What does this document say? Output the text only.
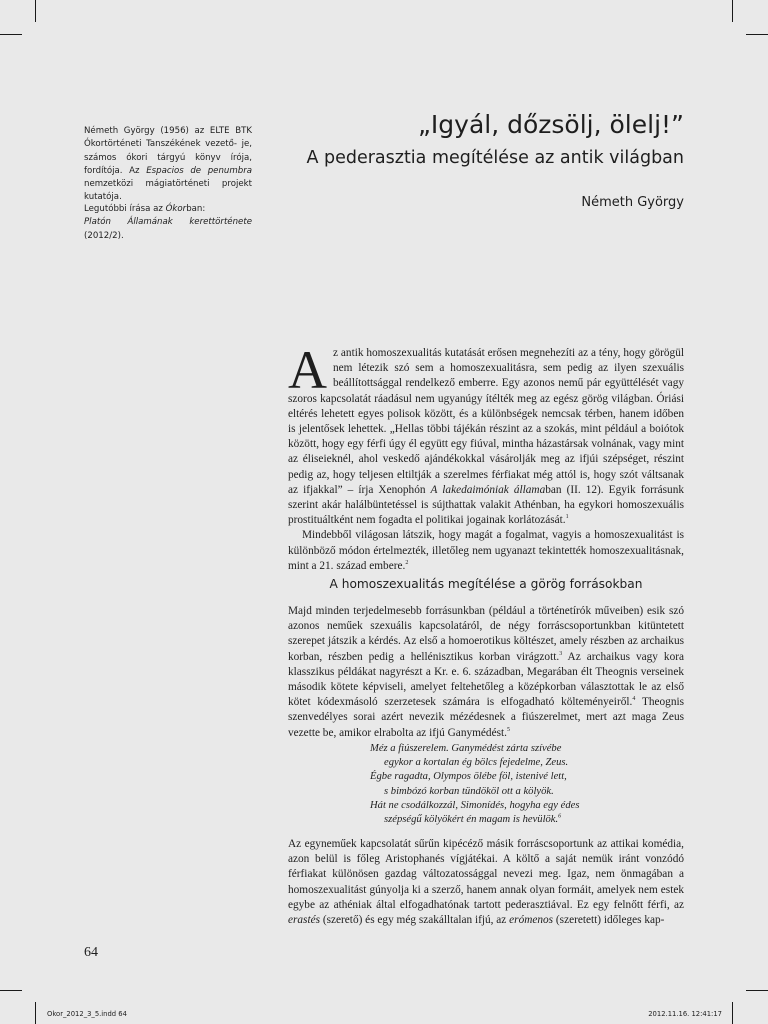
Németh György (1956) az ELTE BTK Ókortörténeti Tanszékének vezető- je, számos ókori tárgyú könyv írója, fordítója. Az Espacios de penumbra nemzetközi mágiatörténeti projekt kutatója.

Legutóbbi írása az Ókorban:

Platón Államának kerettörténete
(2012/2).

„Igyál, dőzsölj, ölelj!”
A pederasztia megítélése az antik világban
Németh György

Az antik homoszexualitás kutatását erősen megnehezíti az a tény, hogy görögül nem létezik szó sem a homoszexualitásra, sem pedig az ilyen szexuális beállítottsággal rendelkező emberre. Egy azonos nemű pár együttélését vagy szoros kapcsolatát ráadásul nem ugyanúgy ítélték meg az egész görög világban. Óriási eltérés lehetett egyes polisok között, és a különbségek nemcsak térben, hanem időben is jelentősek lehettek. „Hellas többi tájékán részint az a szokás, mint például a boiótok között, hogy egy férfi úgy él együtt egy fiúval, mintha házastársak volnának, vagy mint az éliseieknél, ahol veskedő ajándékokkal vásárolják meg az ifjúi szépséget, részint pedig az, hogy teljesen eltiltják a szerelmes férfiakat még attól is, hogy szót váltsanak az ifjakkal” – írja Xenophón A lakedaimóniak államaban (II. 12). Egyik forrásunk szerint akár halálbüntetéssel is sújthattak valakit Athénban, ha egykori homoszexuális prostituáltként nem fogadta el politikai jogainak korlátozását.$^1$

Mindebből világosan látszik, hogy magát a fogalmat, vagyis a homoszexualitást is különböző módon értelmezték, illetőleg nem ugyanazt tekintették homoszexualitásnak, mint a 21. század embere.$^2$

A homoszexualitás megítélése a görög forrásokban

Majd minden terjedelmesebb forrásunkban (például a történetírók műveiben) esik szó azonos neműek szexuális kapcsolatáról, de négy forráscsoportunkban kitüntetett szerepet játszik a kérdés. Az első a homoerotikus költészet, amely részben az archaikus korban, részben pedig a hellénisztikus korban virágzott.$^3$ Az archaikus vagy kora klasszikus példákat nagyrészt a Kr. e. 6. században, Megarában élt Theognis verseinek második kötete képviseli, amelyet feltehetőleg a középkorban választottak le az első kötet kódexmásoló szerzetesek számára is elfogadható költeményeiről.$^4$ Theognis szenvedélyes sorai azért nevezik mézédesnek a fiúszerelmet, mert azt maga Zeus vezette be, amikor elrabolta az ifjú Ganymédést.$^5$

Méz a fiúszerelem. Ganymédést zárta szívébe
egykor a kortalan ég bölcs fejedelme, Zeus.
Égbe ragadta, Olympos ölébe föl, istenivé lett,
s bimbózó korban tündököl ott a kölyök.
Hát ne csodálkozzál, Simonídés, hogyha egy édes
szépségű kölyökért én magam is hevülök.$^6$

Az egyneműek kapcsolatát sűrűn kipécéző másik forráscsoportunk az attikai komédia, azon belül is főleg Aristophanés vígjátékai. A költő a saját nemük iránt vonzódó férfiakat különösen gazdag változatossággal nevezi meg. Igaz, nem önmagában a homoszexualitást gúnyolja ki a szerző, hanem annak olyan formáit, amelyek nem estek egybe az athéniak által elfogadhatónak tartott pederasztiával. Ez egy felnőtt férfi, az erastés (szerető) és egy még szakálltalan ifjú, az erómenos (szeretett) időleges kap-

64
Okor_2012_3_5.indd 64	2012.11.16. 12:41:17
